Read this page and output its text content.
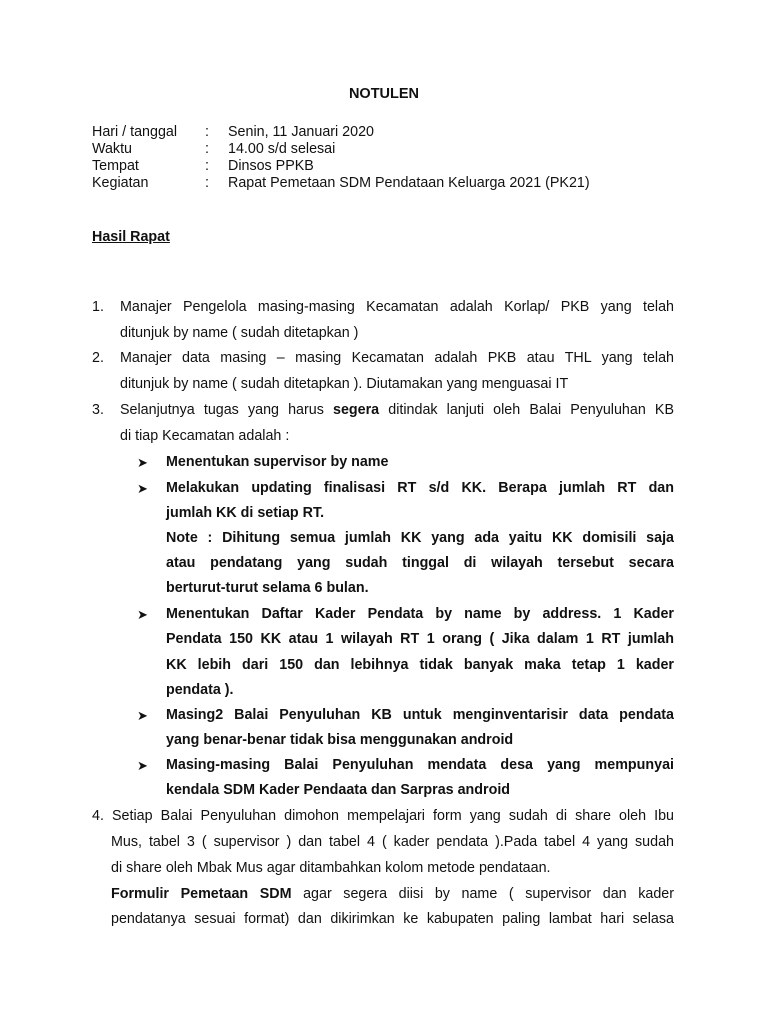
NOTULEN
Hari / tanggal : Senin, 11 Januari 2020
Waktu	: 14.00 s/d selesai
Tempat	: Dinsos PPKB
Kegiatan	: Rapat Pemetaan SDM Pendataan Keluarga 2021 (PK21)
Hasil Rapat
1. Manajer Pengelola masing-masing Kecamatan adalah Korlap/ PKB yang telah
ditunjuk by name ( sudah ditetapkan )
2. Manajer data masing – masing Kecamatan adalah PKB atau THL yang telah
ditunjuk by name ( sudah ditetapkan ). Diutamakan yang menguasai IT
3. Selanjutnya tugas yang harus segera ditindak lanjuti oleh Balai Penyuluhan KB
di tiap Kecamatan adalah :
➤ Menentukan supervisor by name
➤ Melakukan updating finalisasi RT s/d KK. Berapa jumlah RT dan
jumlah KK di setiap RT.
Note : Dihitung semua jumlah KK yang ada yaitu KK domisili saja
atau pendatang yang sudah tinggal di wilayah tersebut secara
berturut-turut selama 6 bulan.
➤ Menentukan Daftar Kader Pendata by name by address. 1 Kader
Pendata 150 KK atau 1 wilayah RT 1 orang ( Jika dalam 1 RT jumlah
KK lebih dari 150 dan lebihnya tidak banyak maka tetap 1 kader
pendata ).
➤ Masing2 Balai Penyuluhan KB untuk menginventarisir data pendata
yang benar-benar tidak bisa menggunakan android
➤ Masing-masing Balai Penyuluhan mendata desa yang mempunyai
kendala SDM Kader Pendaata dan Sarpras android
4. Setiap Balai Penyuluhan dimohon mempelajari form yang sudah di share oleh Ibu
Mus, tabel 3 ( supervisor ) dan tabel 4 ( kader pendata ).Pada tabel 4 yang sudah
di share oleh Mbak Mus agar ditambahkan kolom metode pendataan.
Formulir Pemetaan SDM agar segera diisi by name ( supervisor dan kader
pendatanya sesuai format) dan dikirimkan ke kabupaten paling lambat hari selasa
